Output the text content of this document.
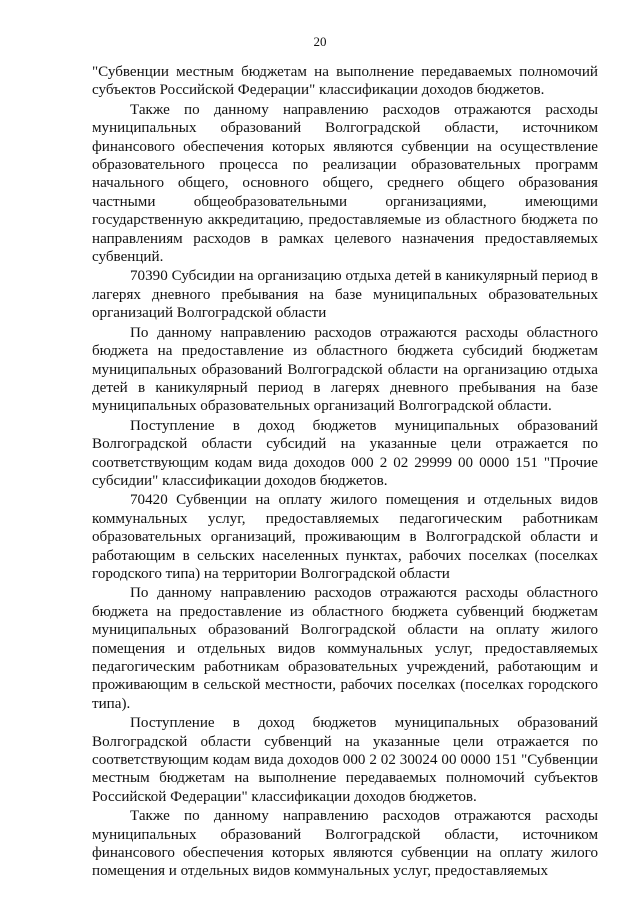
20

"Субвенции местным бюджетам на выполнение передаваемых полномочий субъектов Российской Федерации" классификации доходов бюджетов.

Также по данному направлению расходов отражаются расходы муниципальных образований Волгоградской области, источником финансового обеспечения которых являются субвенции на осуществление образовательного процесса по реализации образовательных программ начального общего, основного общего, среднего общего образования частными общеобразовательными организациями, имеющими государственную аккредитацию, предоставляемые из областного бюджета по направлениям расходов в рамках целевого назначения предоставляемых субвенций.

70390 Субсидии на организацию отдыха детей в каникулярный период в лагерях дневного пребывания на базе муниципальных образовательных организаций Волгоградской области

По данному направлению расходов отражаются расходы областного бюджета на предоставление из областного бюджета субсидий бюджетам муниципальных образований Волгоградской области на организацию отдыха детей в каникулярный период в лагерях дневного пребывания на базе муниципальных образовательных организаций Волгоградской области.

Поступление в доход бюджетов муниципальных образований Волгоградской области субсидий на указанные цели отражается по соответствующим кодам вида доходов 000 2 02 29999 00 0000 151 "Прочие субсидии" классификации доходов бюджетов.

70420 Субвенции на оплату жилого помещения и отдельных видов коммунальных услуг, предоставляемых педагогическим работникам образовательных организаций, проживающим в Волгоградской области и работающим в сельских населенных пунктах, рабочих поселках (поселках городского типа) на территории Волгоградской области

По данному направлению расходов отражаются расходы областного бюджета на предоставление из областного бюджета субвенций бюджетам муниципальных образований Волгоградской области на оплату жилого помещения и отдельных видов коммунальных услуг, предоставляемых педагогическим работникам образовательных учреждений, работающим и проживающим в сельской местности, рабочих поселках (поселках городского типа).

Поступление в доход бюджетов муниципальных образований Волгоградской области субвенций на указанные цели отражается по соответствующим кодам вида доходов 000 2 02 30024 00 0000 151 "Субвенции местным бюджетам на выполнение передаваемых полномочий субъектов Российской Федерации" классификации доходов бюджетов.

Также по данному направлению расходов отражаются расходы муниципальных образований Волгоградской области, источником финансового обеспечения которых являются субвенции на оплату жилого помещения и отдельных видов коммунальных услуг, предоставляемых
